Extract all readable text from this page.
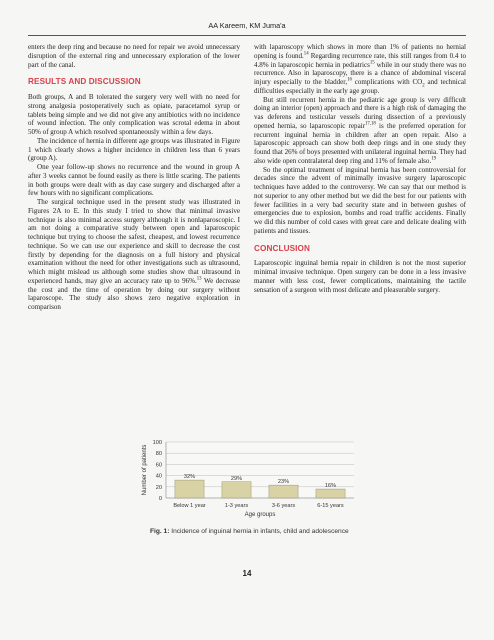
AA Kareem, KM Juma'a

enters the deep ring and because no need for repair we avoid unnecessary disruption of the external ring and unnecessary exploration of the lower part of the canal.

RESULTS AND DISCUSSION

Both groups, A and B tolerated the surgery very well with no need for strong analgesia postoperatively such as opiate, paracetamol syrup or tablets being simple and we did not give any antibiotics with no incidence of wound infection. The only complication was scrotal edema in about 50% of group A which resolved spontaneously within a few days.

The incidence of hernia in different age groups was illustrated in Figure 1 which clearly shows a higher incidence in children less than 6 years (group A).

One year follow-up shows no recurrence and the wound in group A after 3 weeks cannot be found easily as there is little scaring. The patients in both groups were dealt with as day case surgery and discharged after a few hours with no significant complications.

The surgical technique used in the present study was illustrated in Figures 2A to E. In this study I tried to show that minimal invasive technique is also minimal access surgery although it is nonlaparoscopic. I am not doing a comparative study between open and laparoscopic technique but trying to choose the safest, cheapest, and lowest recurrence technique. So we can use our experience and skill to decrease the cost firstly by depending for the diagnosis on a full history and physical examination without the need for other investigations such as ultrasound, which might mislead us although some studies show that ultrasound in experienced hands, may give an accuracy rate up to 96%.$^{13}$ We decrease the cost and the time of operation by doing our surgery without laparoscope. The study also shows zero negative exploration in comparison

with laparoscopy which shows in more than 1% of patients no hernial opening is found.$^{14}$ Regarding recurrence rate, this still ranges from 0.4 to 4.8% in laparoscopic hernia in pediatrics$^{15}$ while in our study there was no recurrence. Also in laparoscopy, there is a chance of abdominal visceral injury especially to the bladder,$^{16}$ complications with $CO_2$ and technical difficulties especially in the early age group.

But still recurrent hernia in the pediatric age group is very difficult doing an interior (open) approach and there is a high risk of damaging the vas deferens and testicular vessels during dissection of a previously opened hernia, so laparoscopic repair$^{17,18}$ is the preferred operation for recurrent inguinal hernia in children after an open repair. Also a laparoscopic approach can show both deep rings and in one study they found that 26% of boys presented with unilateral inguinal hernia. They had also wide open contralateral deep ring and 11% of female also.$^{19}$

So the optimal treatment of inguinal hernia has been controversial for decades since the advent of minimally invasive surgery laparoscopic techniques have added to the controversy. We can say that our method is not superior to any other method but we did the best for our patients with fewer facilities in a very bad security state and in between gushes of emergencies due to explosion, bombs and road traffic accidents. Finally we did this number of cold cases with great care and delicate dealing with patients and tissues.

CONCLUSION

Laparoscopic inguinal hernia repair in children is not the most superior minimal invasive technique. Open surgery can be done in a less invasive manner with less cost, fewer complications, maintaining the tactile sensation of a surgeon with most delicate and pleasurable surgery.

0
20
40
60
80
100
32%
Below 1 year
29%
1-3 years
23%
3-6 years
16%
6-15 years
Age groups
Number of patients
Fig. 1: Incidence of inguinal hernia in infants, child and adolescence
14
